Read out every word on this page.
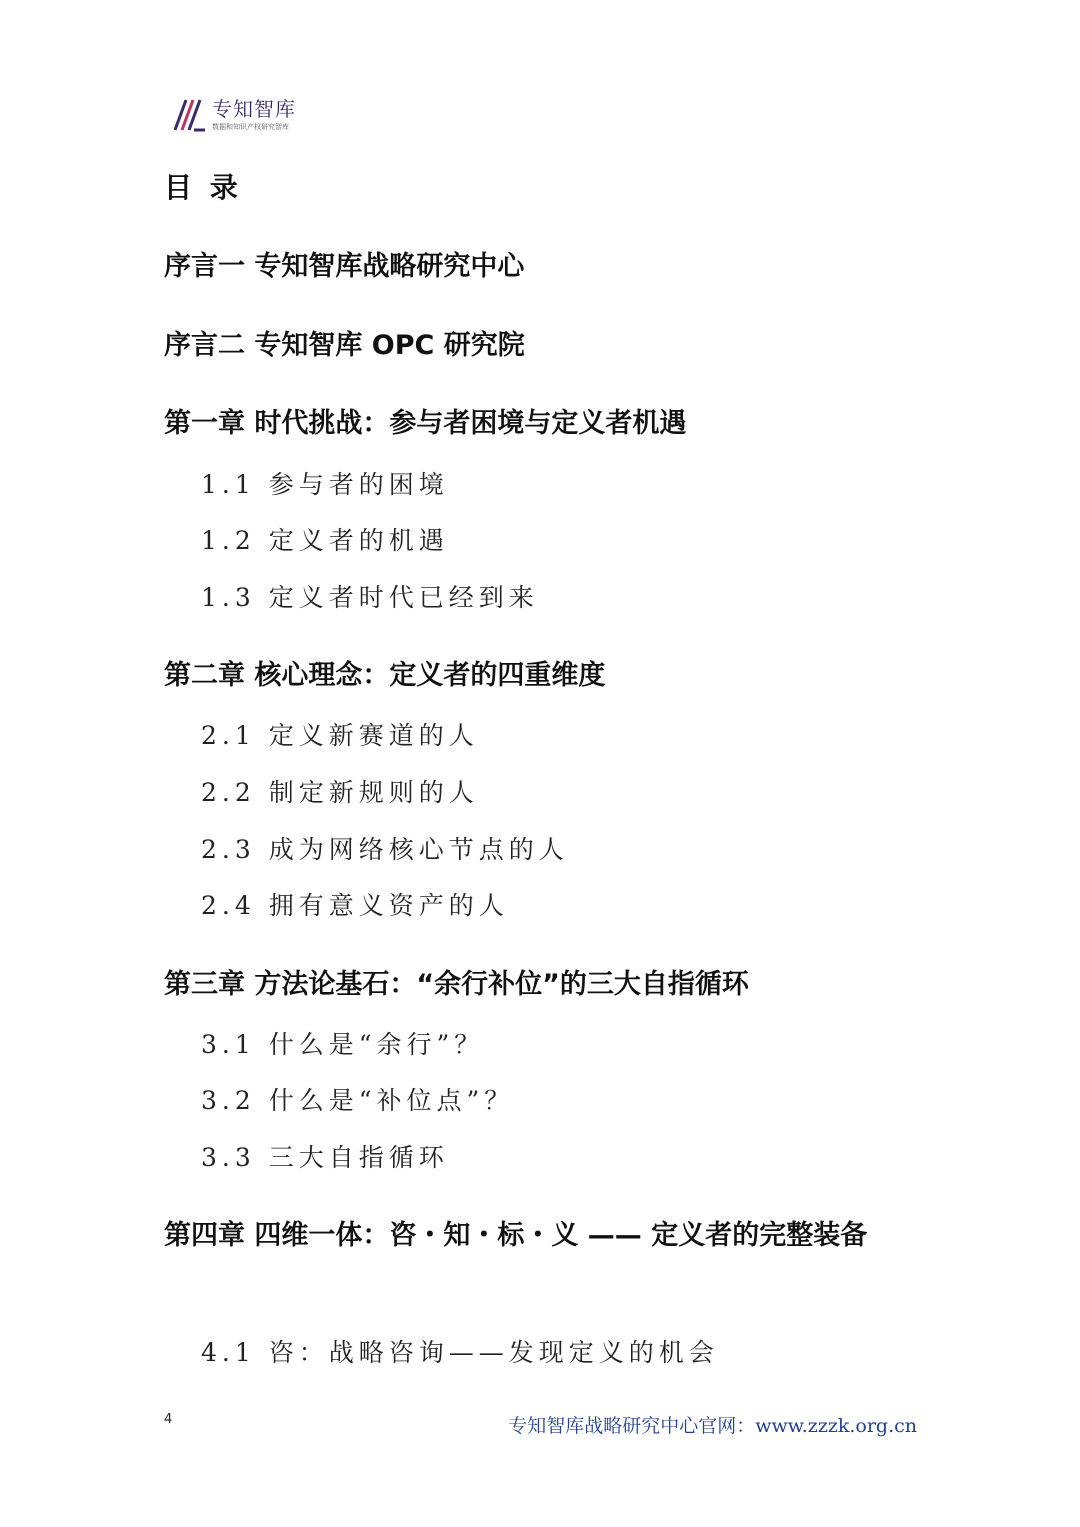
专知智库
数据和知识产权研究智库
目 录
序言一 专知智库战略研究中心
序言二 专知智库 OPC 研究院
第一章 时代挑战：参与者困境与定义者机遇
1.1 参与者的困境
1.2 定义者的机遇
1.3 定义者时代已经到来
第二章 核心理念：定义者的四重维度
2.1 定义新赛道的人
2.2 制定新规则的人
2.3 成为网络核心节点的人
2.4 拥有意义资产的人
第三章 方法论基石：“余行补位”的三大自指循环
3.1 什么是“余行”？
3.2 什么是“补位点”？
3.3 三大自指循环
第四章 四维一体：咨・知・标・义 —— 定义者的完整装备
4.1 咨：战略咨询——发现定义的机会
4	专知智库战略研究中心官网：www.zzzk.org.cn
